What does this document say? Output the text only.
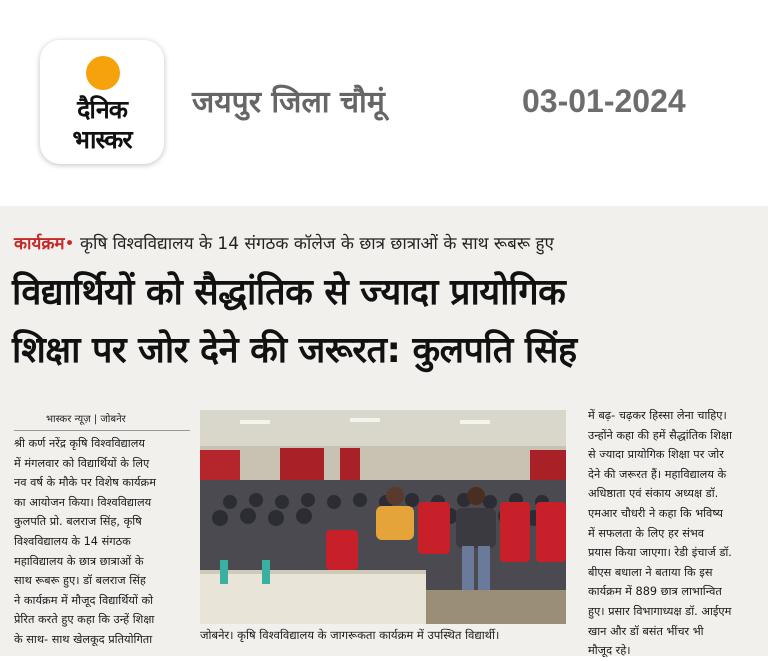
दैनिक
भास्कर
जयपुर जिला चौमूं	03-01-2024
कार्यक्रम• कृषि विश्वविद्यालय के 14 संगठक कॉलेज के छात्र छात्राओं के साथ रूबरू हुए
विद्यार्थियों को सैद्धांतिक से ज्यादा प्रायोगिक
शिक्षा पर जोर देने की जरूरत: कुलपति सिंह
भास्कर न्यूज़ | जोबनेर
श्री कर्ण नरेंद्र कृषि विश्वविद्यालय
में मंगलवार को विद्यार्थियों के लिए
नव वर्ष के मौके पर विशेष कार्यक्रम
का आयोजन किया। विश्वविद्यालय
कुलपति प्रो. बलराज सिंह, कृषि
विश्वविद्यालय के 14 संगठक
महाविद्यालय के छात्र छात्राओं के
साथ रूबरू हुए। डॉ बलराज सिंह
ने कार्यक्रम में मौजूद विद्यार्थियों को
प्रेरित करते हुए कहा कि उन्हें शिक्षा
के साथ- साथ खेलकूद प्रतियोगिता	जोबनेर। कृषि विश्वविद्यालय के जागरूकता कार्यक्रम में उपस्थित विद्यार्थी।
में बढ़- चढ़कर हिस्सा लेना चाहिए।
उन्होंने कहा की हमें सैद्धांतिक शिक्षा
से ज्यादा प्रायोगिक शिक्षा पर जोर
देने की जरूरत हैं। महाविद्यालय के
अधिष्ठाता एवं संकाय अध्यक्ष डॉ.
एमआर चौधरी ने कहा कि भविष्य
में सफलता के लिए हर संभव
प्रयास किया जाएगा। रेडी इंचार्ज डॉ.
बीएस बधाला ने बताया कि इस
कार्यक्रम में 889 छात्र लाभान्वित
हुए। प्रसार विभागाध्यक्ष डॉ. आईएम
खान और डॉ बसंत भींचर भी
मौजूद रहे।
